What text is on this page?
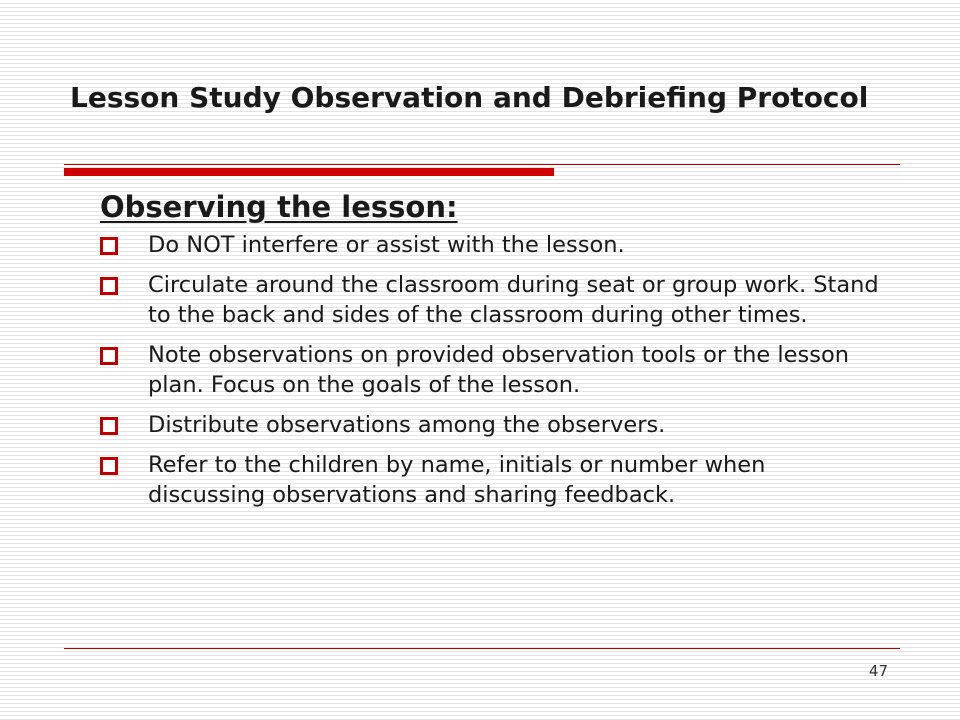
Lesson Study Observation and Debriefing Protocol
Observing the lesson:
Do NOT interfere or assist with the lesson.
Circulate around the classroom during seat or group work. Stand to the back and sides of the classroom during other times.
Note observations on provided observation tools or the lesson plan. Focus on the goals of the lesson.
Distribute observations among the observers.
Refer to the children by name, initials or number when discussing observations and sharing feedback.
47
